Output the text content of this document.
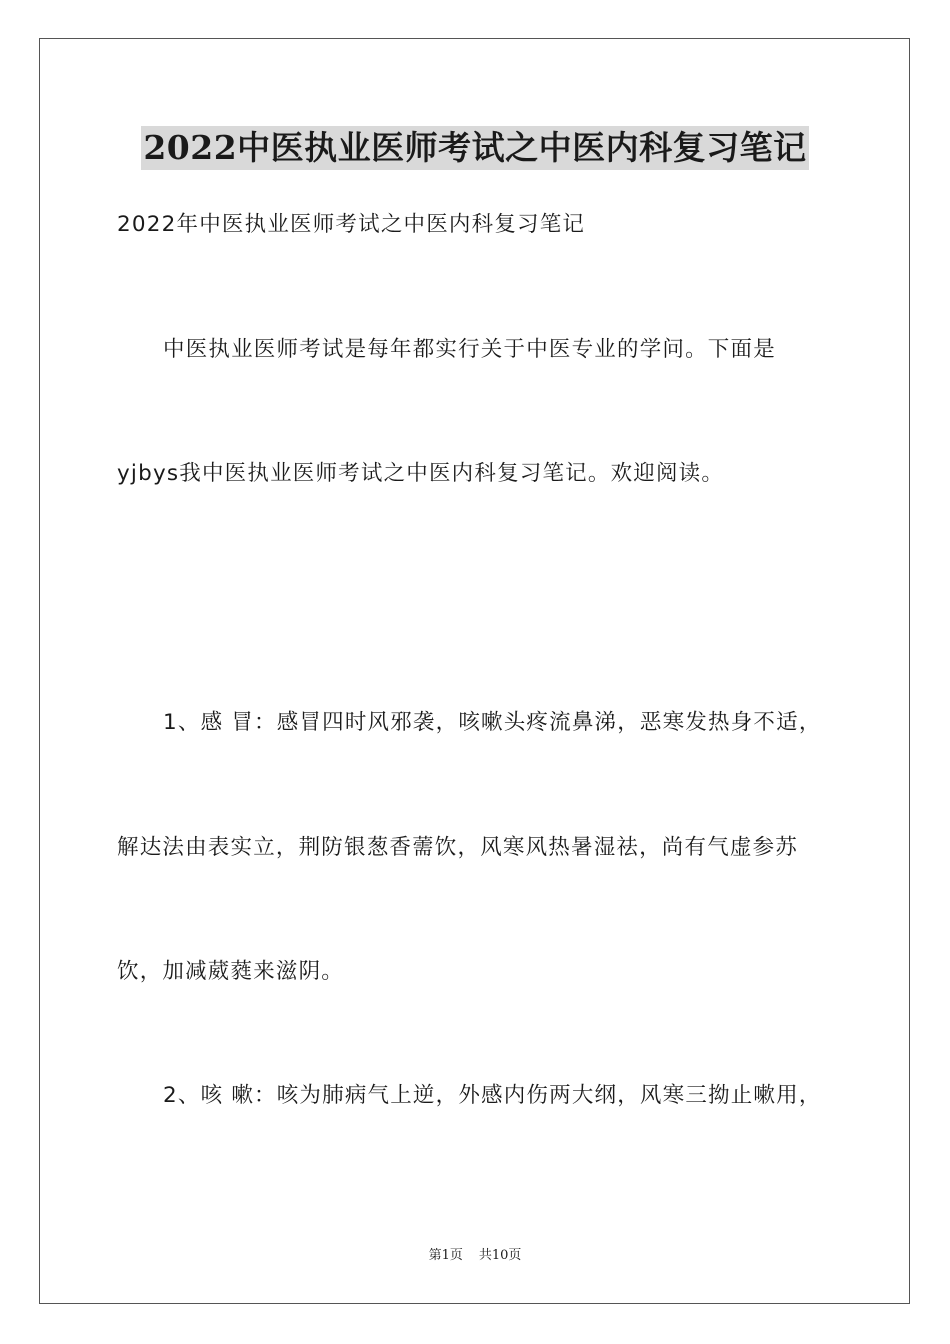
2022中医执业医师考试之中医内科复习笔记
2022年中医执业医师考试之中医内科复习笔记
中医执业医师考试是每年都实行关于中医专业的学问。下面是
yjbys我中医执业医师考试之中医内科复习笔记。欢迎阅读。
1、感 冒：感冒四时风邪袭，咳嗽头疼流鼻涕，恶寒发热身不适，
解达法由表实立，荆防银葱香薷饮，风寒风热暑湿祛，尚有气虚参苏
饮，加减葳蕤来滋阴。
2、咳 嗽：咳为肺病气上逆，外感内伤两大纲，风寒三拗止嗽用，
第1页 共10页
